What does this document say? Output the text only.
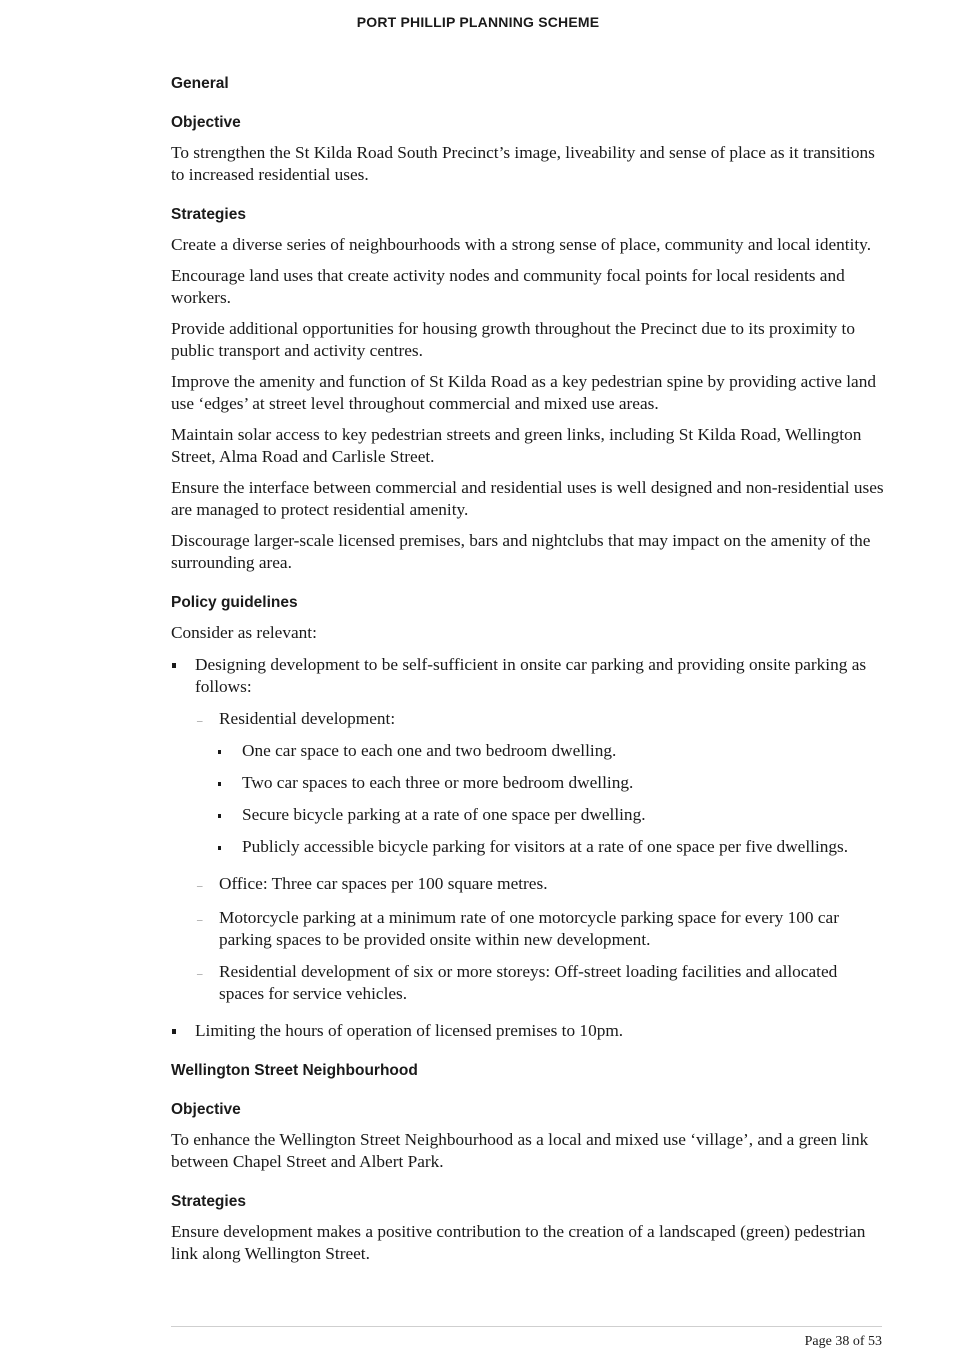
PORT PHILLIP PLANNING SCHEME
General
Objective

To strengthen the St Kilda Road South Precinct’s image, liveability and sense of place as it transitions to increased residential uses.

Strategies

Create a diverse series of neighbourhoods with a strong sense of place, community and local identity.

Encourage land uses that create activity nodes and community focal points for local residents and workers.

Provide additional opportunities for housing growth throughout the Precinct due to its proximity to public transport and activity centres.

Improve the amenity and function of St Kilda Road as a key pedestrian spine by providing active land use ‘edges’ at street level throughout commercial and mixed use areas.

Maintain solar access to key pedestrian streets and green links, including St Kilda Road, Wellington Street, Alma Road and Carlisle Street.

Ensure the interface between commercial and residential uses is well designed and non-residential uses are managed to protect residential amenity.

Discourage larger-scale licensed premises, bars and nightclubs that may impact on the amenity of the surrounding area.

Policy guidelines

Consider as relevant:

Designing development to be self-sufficient in onsite car parking and providing onsite parking as follows:
– Residential development:
One car space to each one and two bedroom dwelling.
Two car spaces to each three or more bedroom dwelling.
Secure bicycle parking at a rate of one space per dwelling.
Publicly accessible bicycle parking for visitors at a rate of one space per five dwellings.
– Office: Three car spaces per 100 square metres.
– Motorcycle parking at a minimum rate of one motorcycle parking space for every 100 car parking spaces to be provided onsite within new development.
– Residential development of six or more storeys: Off-street loading facilities and allocated spaces for service vehicles.
Limiting the hours of operation of licensed premises to 10pm.
Wellington Street Neighbourhood
Objective

To enhance the Wellington Street Neighbourhood as a local and mixed use ‘village’, and a green link between Chapel Street and Albert Park.

Strategies

Ensure development makes a positive contribution to the creation of a landscaped (green) pedestrian link along Wellington Street.

Page 38 of 53
